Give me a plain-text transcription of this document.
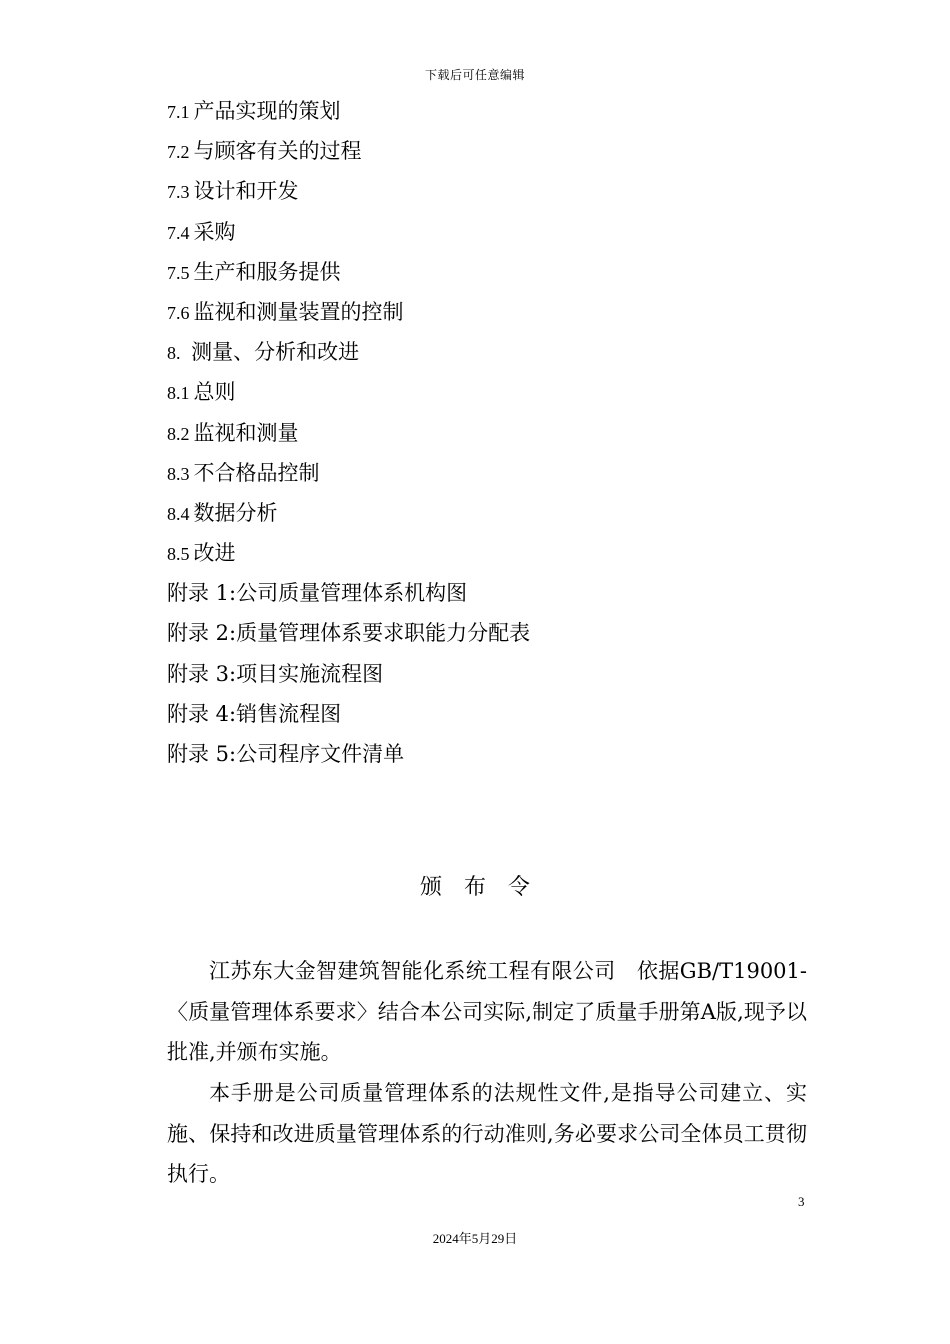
下载后可任意编辑
7.1 产品实现的策划
7.2 与顾客有关的过程
7.3 设计和开发
7.4 采购
7.5 生产和服务提供
7.6 监视和测量装置的控制
8. 测量、分析和改进
8.1 总则
8.2 监视和测量
8.3 不合格品控制
8.4 数据分析
8.5 改进
附录 1:公司质量管理体系机构图
附录 2:质量管理体系要求职能力分配表
附录 3:项目实施流程图
附录 4:销售流程图
附录 5:公司程序文件清单
颁布令
江苏东大金智建筑智能化系统工程有限公司　依据GB/T19001- 〈质量管理体系要求〉结合本公司实际,制定了质量手册第A版,现予以批准,并颁布实施。
本手册是公司质量管理体系的法规性文件,是指导公司建立、实施、保持和改进质量管理体系的行动准则,务必要求公司全体员工贯彻执行。
3
2024年5月29日
